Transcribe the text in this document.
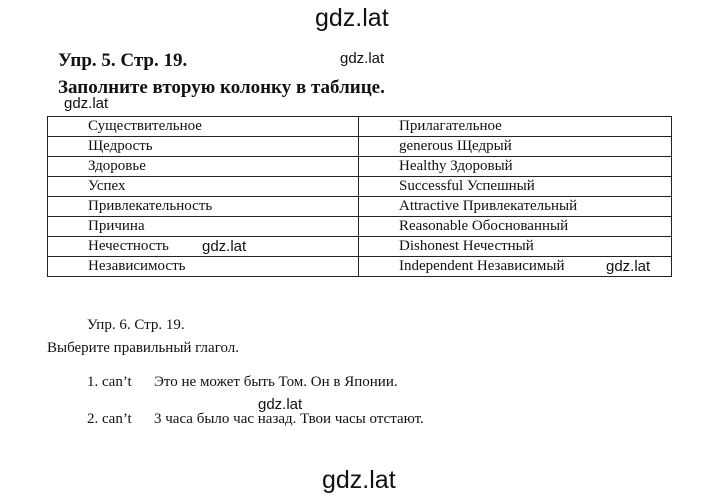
gdz.lat
Упр. 5. Стр. 19.	gdz.lat
Заполните вторую колонку в таблице.
gdz.lat
Существительное	Прилагательное
Щедрость	generous Щедрый
Здоровье	Healthy Здоровый
Успех	Successful Успешный
Привлекательность	Attractive Привлекательный
Причина	Reasonable Обоснованный
Нечестность	Dishonest Нечестный
Независимость	Independent Независимый
gdz.lat
gdz.lat
Упр. 6. Стр. 19.
Выберите правильный глагол.
1. can’t Это не может быть Том. Он в Японии.
gdz.lat
2. can’t 3 часа было час назад. Твои часы отстают.
gdz.lat
